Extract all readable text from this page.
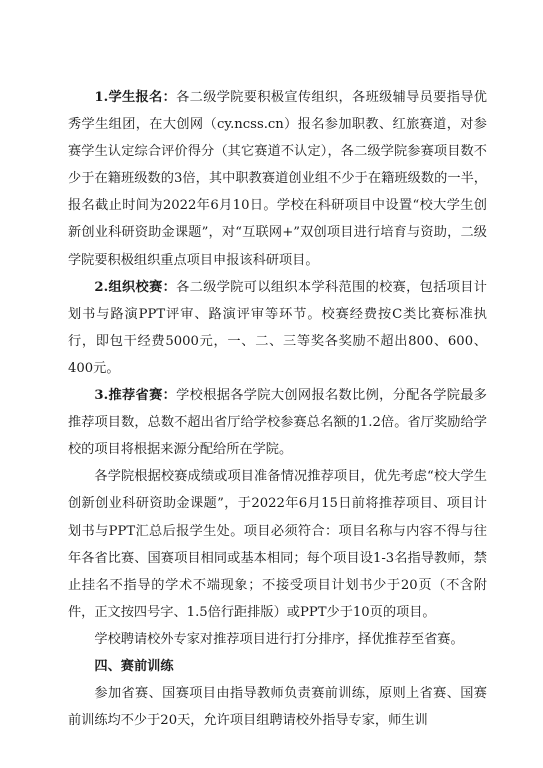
1.学生报名：各二级学院要积极宣传组织，各班级辅导员要指导优秀学生组团，在大创网（cy.ncss.cn）报名参加职教、红旅赛道，对参赛学生认定综合评价得分（其它赛道不认定），各二级学院参赛项目数不少于在籍班级数的3倍，其中职教赛道创业组不少于在籍班级数的一半，报名截止时间为2022年6月10日。学校在科研项目中设置“校大学生创新创业科研资助金课题”，对“互联网+”双创项目进行培育与资助，二级学院要积极组织重点项目申报该科研项目。

2.组织校赛：各二级学院可以组织本学科范围的校赛，包括项目计划书与路演PPT评审、路演评审等环节。校赛经费按C类比赛标准执行，即包干经费5000元，一、二、三等奖各奖励不超出800、600、400元。

3.推荐省赛：学校根据各学院大创网报名数比例，分配各学院最多推荐项目数，总数不超出省厅给学校参赛总名额的1.2倍。省厅奖励给学校的项目将根据来源分配给所在学院。

各学院根据校赛成绩或项目准备情况推荐项目，优先考虑“校大学生创新创业科研资助金课题”，于2022年6月15日前将推荐项目、项目计划书与PPT汇总后报学生处。项目必须符合：项目名称与内容不得与往年各省比赛、国赛项目相同或基本相同；每个项目设1-3名指导教师，禁止挂名不指导的学术不端现象；不接受项目计划书少于20页（不含附件，正文按四号字、1.5倍行距排版）或PPT少于10页的项目。

学校聘请校外专家对推荐项目进行打分排序，择优推荐至省赛。

四、赛前训练

参加省赛、国赛项目由指导教师负责赛前训练，原则上省赛、国赛前训练均不少于20天，允许项目组聘请校外指导专家，师生训
